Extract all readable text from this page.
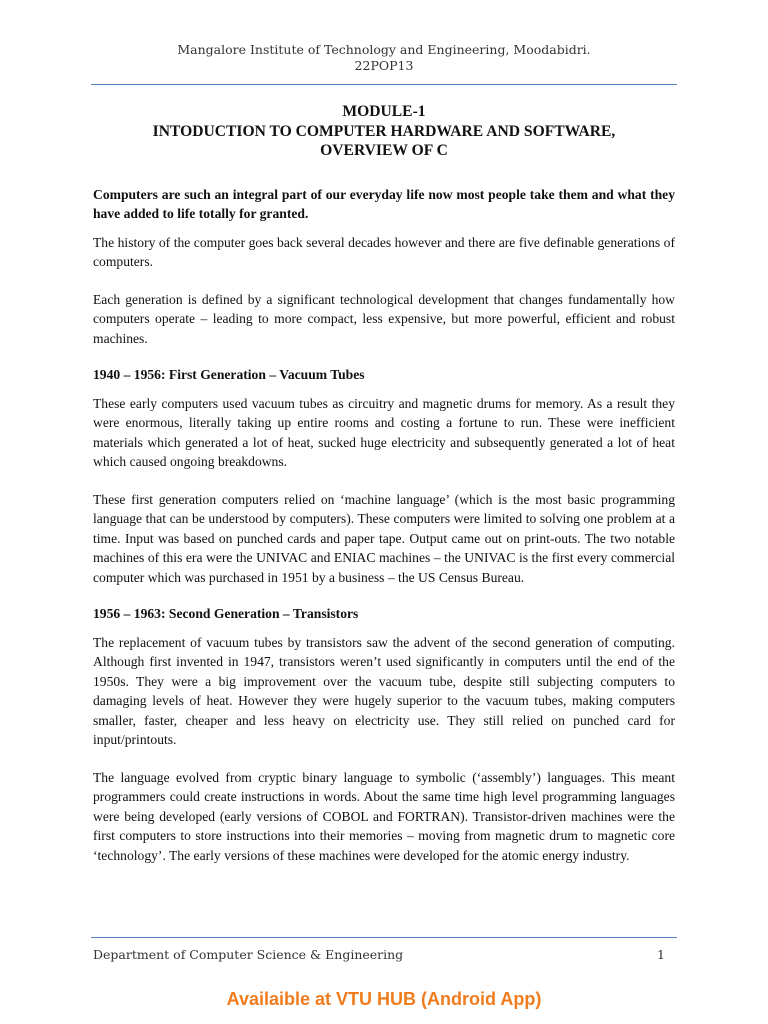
Mangalore Institute of Technology and Engineering, Moodabidri.
22POP13
MODULE-1
INTODUCTION TO COMPUTER HARDWARE AND SOFTWARE,
OVERVIEW OF C

Computers are such an integral part of our everyday life now most people take them and what they have added to life totally for granted.

The history of the computer goes back several decades however and there are five definable generations of computers.

Each generation is defined by a significant technological development that changes fundamentally how computers operate – leading to more compact, less expensive, but more powerful, efficient and robust machines.

1940 – 1956: First Generation – Vacuum Tubes

These early computers used vacuum tubes as circuitry and magnetic drums for memory. As a result they were enormous, literally taking up entire rooms and costing a fortune to run. These were inefficient materials which generated a lot of heat, sucked huge electricity and subsequently generated a lot of heat which caused ongoing breakdowns.

These first generation computers relied on ‘machine language’ (which is the most basic programming language that can be understood by computers). These computers were limited to solving one problem at a time. Input was based on punched cards and paper tape. Output came out on print-outs. The two notable machines of this era were the UNIVAC and ENIAC machines – the UNIVAC is the first every commercial computer which was purchased in 1951 by a business – the US Census Bureau.

1956 – 1963: Second Generation – Transistors

The replacement of vacuum tubes by transistors saw the advent of the second generation of computing. Although first invented in 1947, transistors weren’t used significantly in computers until the end of the 1950s. They were a big improvement over the vacuum tube, despite still subjecting computers to damaging levels of heat. However they were hugely superior to the vacuum tubes, making computers smaller, faster, cheaper and less heavy on electricity use. They still relied on punched card for input/printouts.

The language evolved from cryptic binary language to symbolic (‘assembly’) languages. This meant programmers could create instructions in words. About the same time high level programming languages were being developed (early versions of COBOL and FORTRAN). Transistor-driven machines were the first computers to store instructions into their memories – moving from magnetic drum to magnetic core ‘technology’. The early versions of these machines were developed for the atomic energy industry.

Department of Computer Science & Engineering	1
Availaible at VTU HUB (Android App)
